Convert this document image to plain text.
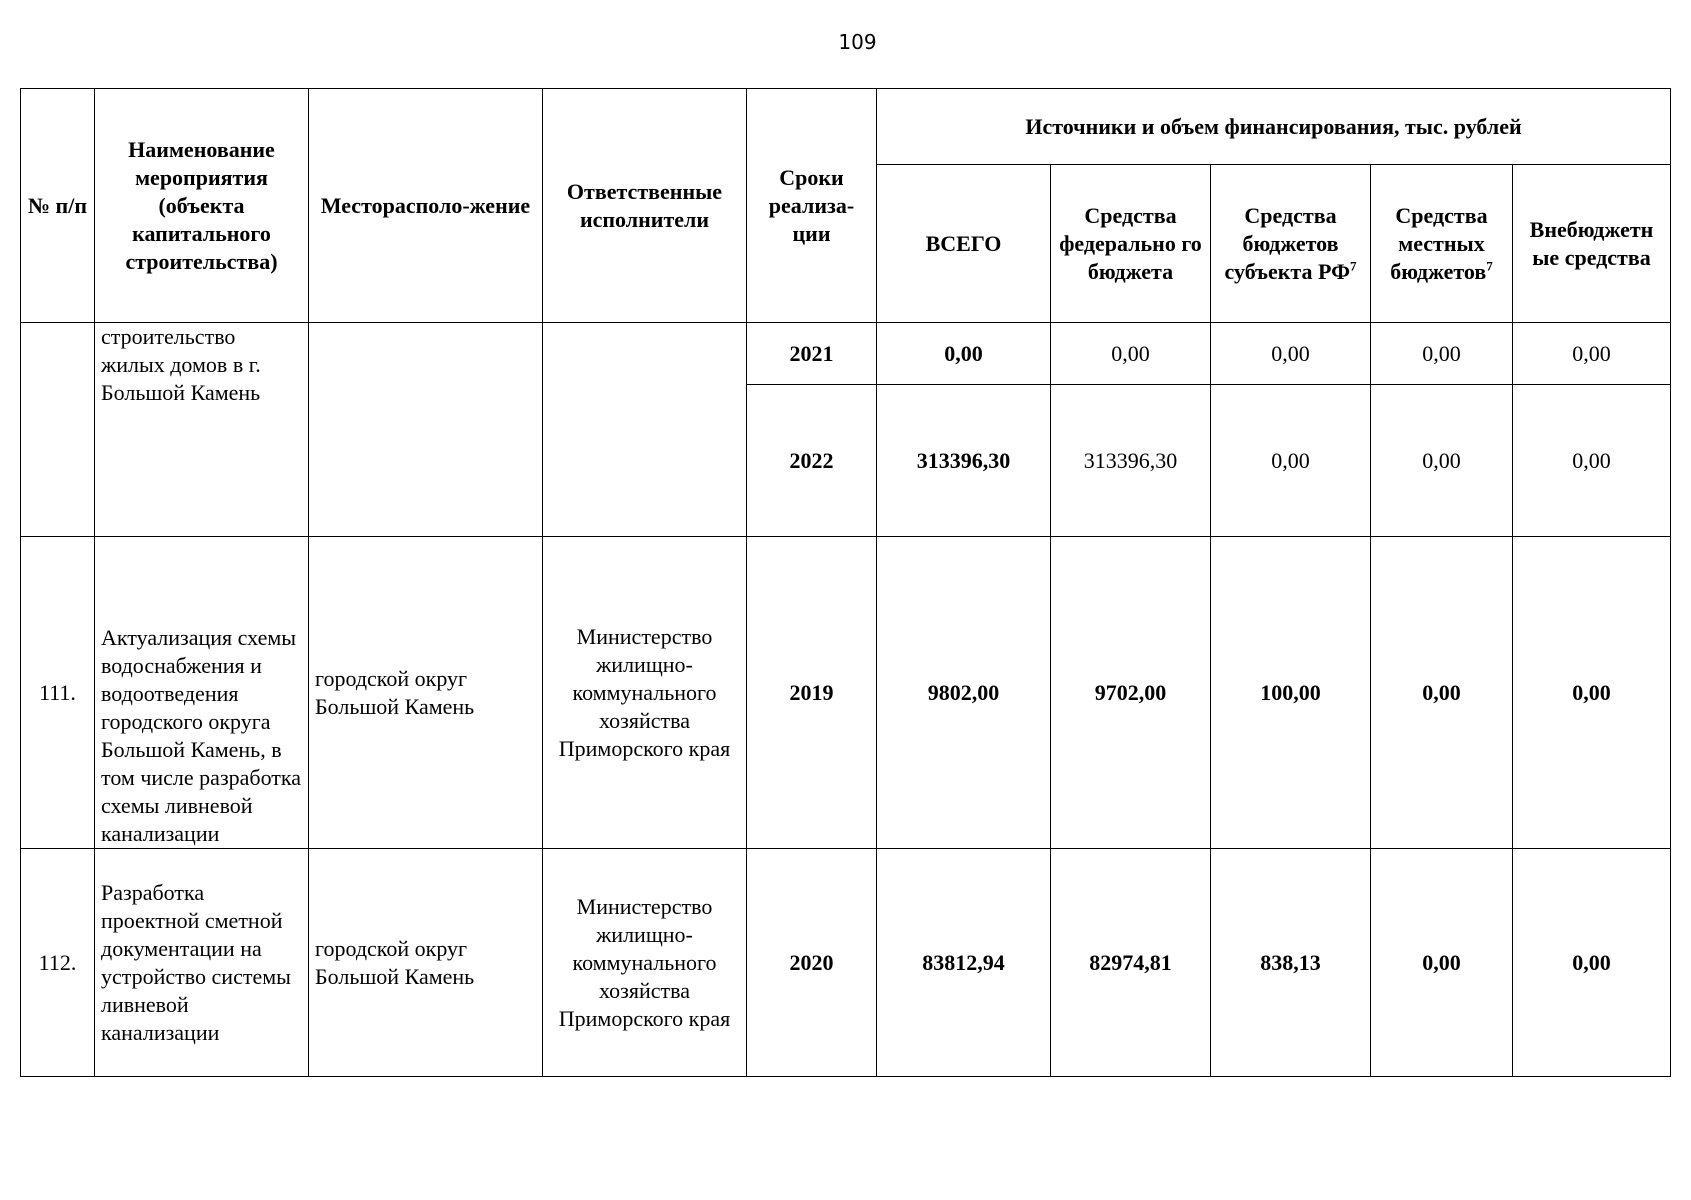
109
№ п/п	Наименование мероприятия (объекта капитального строительства)	Месторасполо-жение	Ответственные исполнители	Сроки реализа-ции	Источники и объем финансирования, тыс. рублей				
					ВСЕГО	Средства федерально го бюджета	Средства бюджетов субъекта $РФ^7$	Средства местных бюджетов$^7$	Внебюджетн ые средства
	строительство жилых домов в г. Большой Камень			2021	0,00	0,00	0,00	0,00	0,00
				2022	313396,30	313396,30	0,00	0,00	0,00
111.	Актуализация схемы водоснабжения и водоотведения городского округа Большой Камень, в том числе разработка схемы ливневой канализации	городской округ Большой Камень	Министерство жилищно-коммунального хозяйства Приморского края	2019	9802,00	9702,00	100,00	0,00	0,00
112.	Разработка проектной сметной документации на устройство системы ливневой канализации	городской округ Большой Камень	Министерство жилищно-коммунального хозяйства Приморского края	2020	83812,94	82974,81	838,13	0,00	0,00
